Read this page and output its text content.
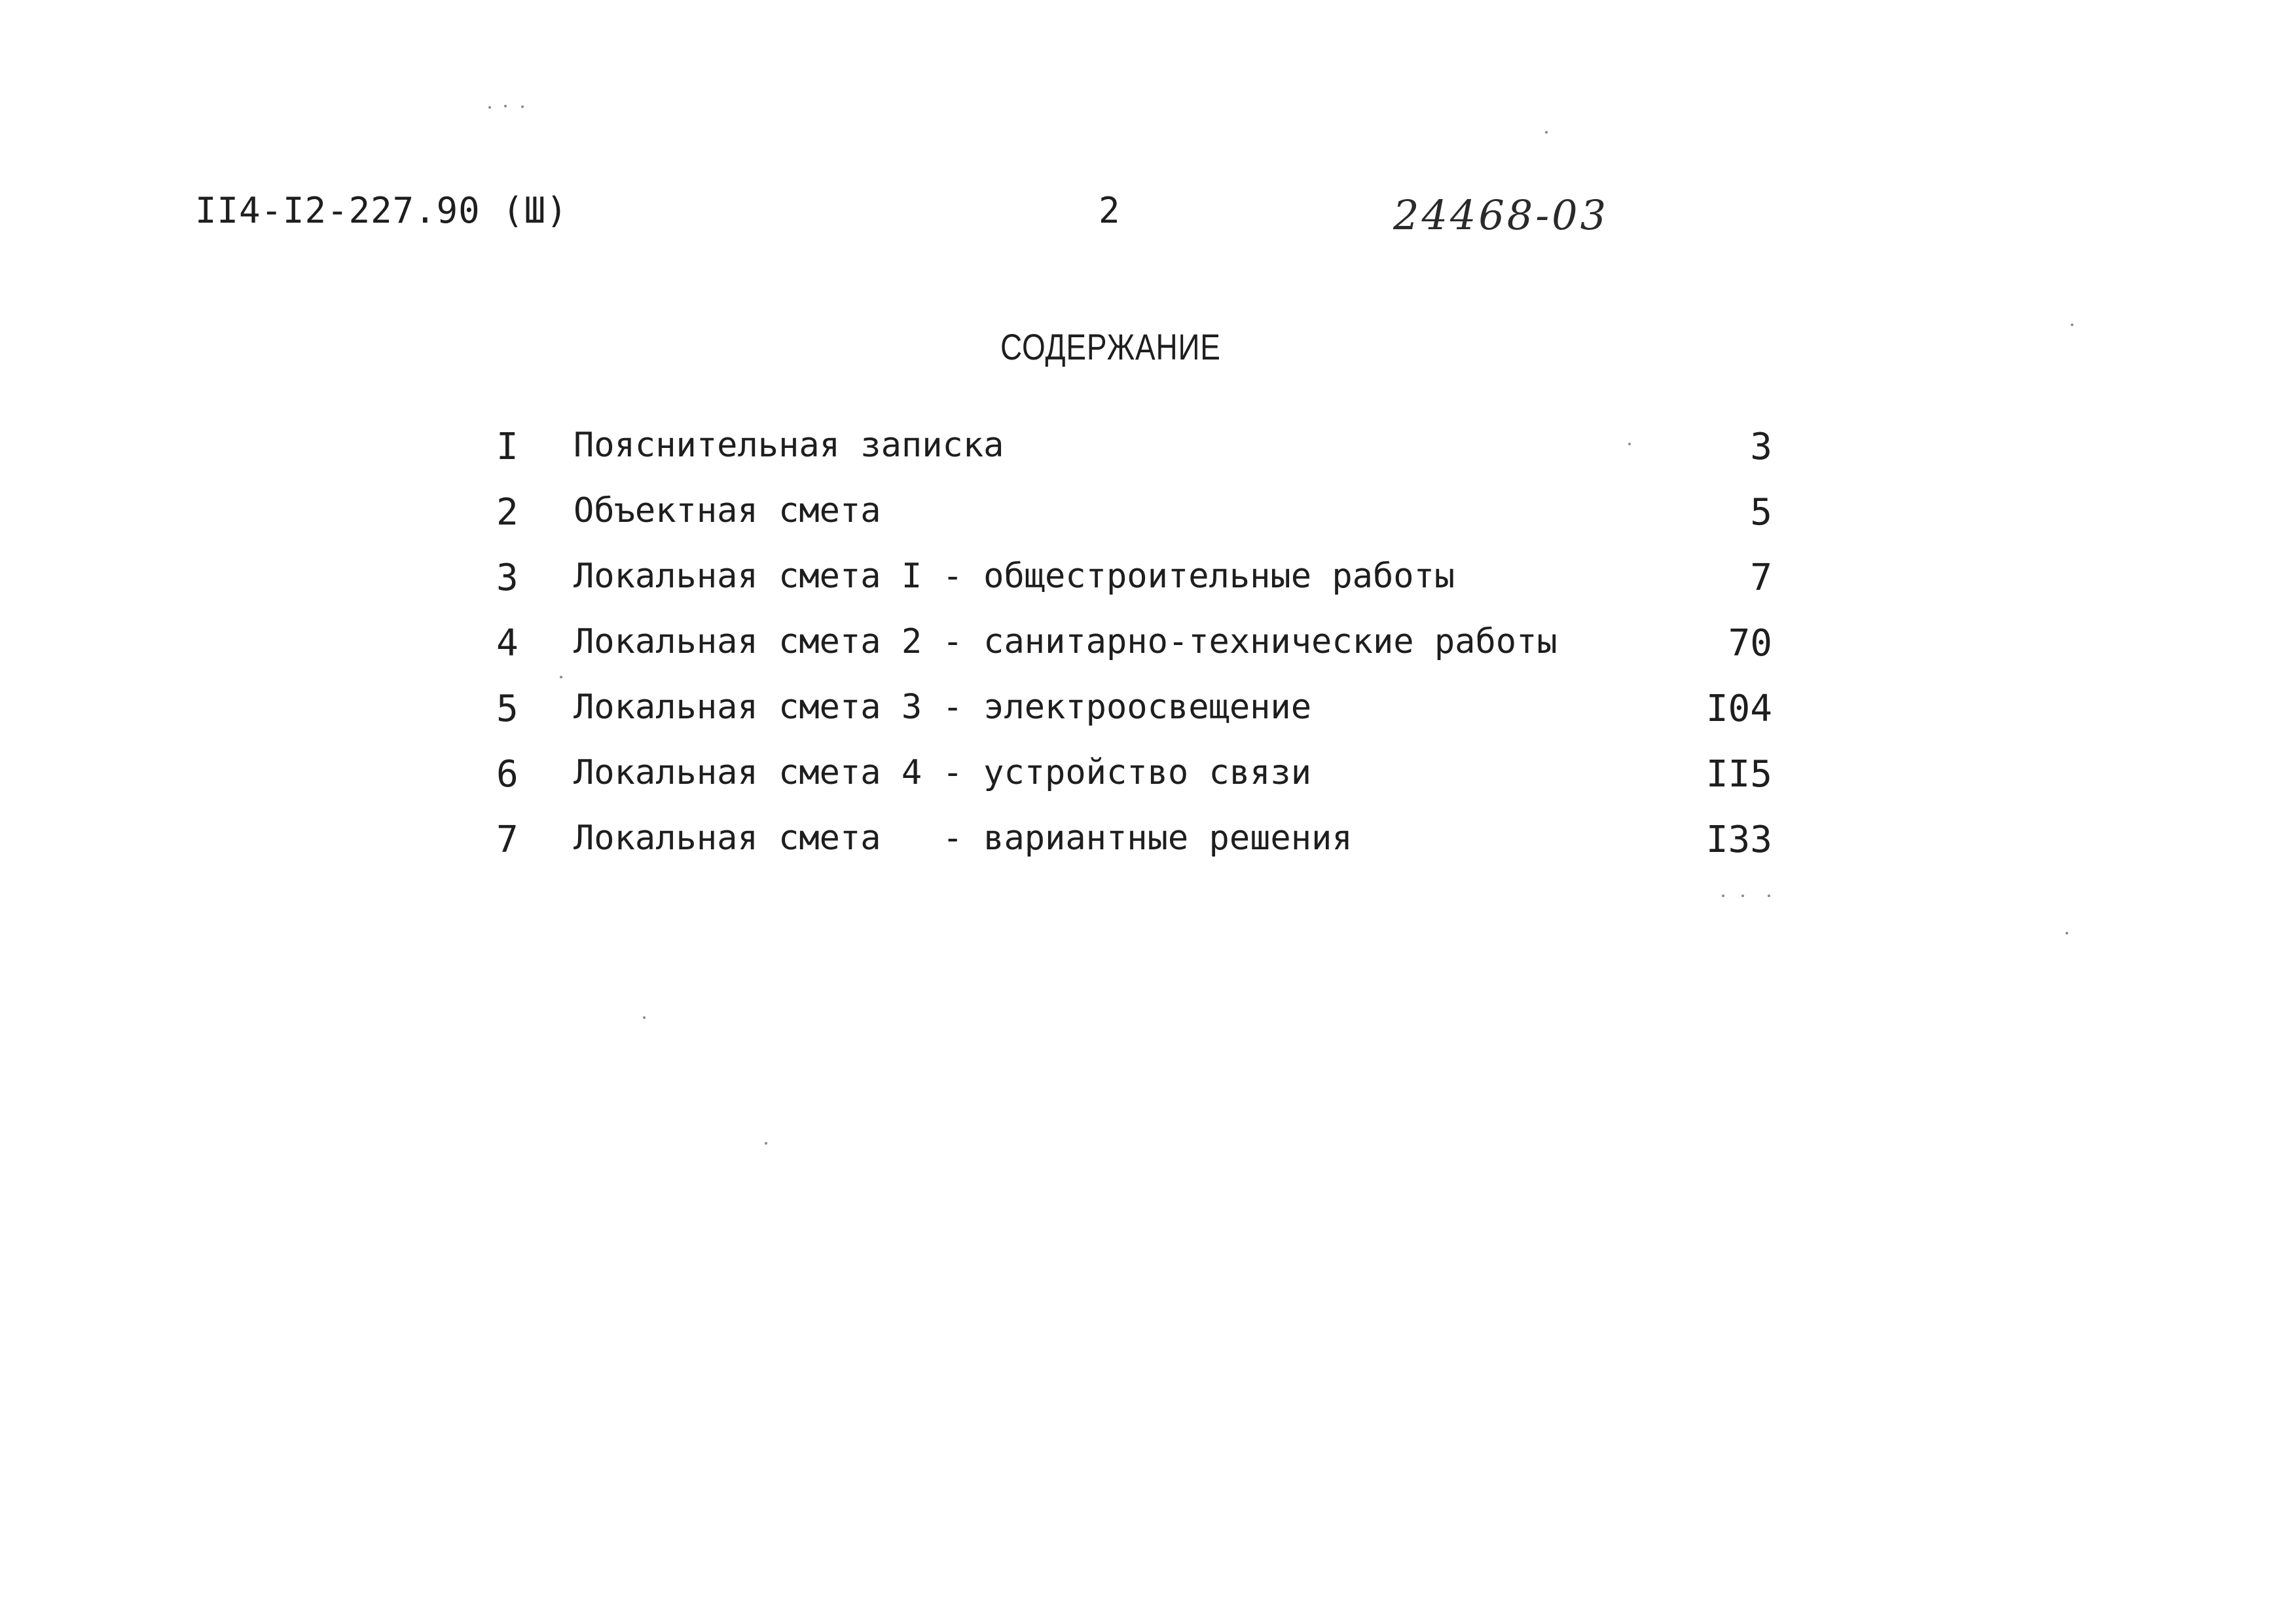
II4-I2-227.90 (Ш)	2	24468-03
СОДЕРЖАНИЕ
I Пояснительная записка	3
2 Объектная смета	5
3 Локальная смета I - общестроительные работы	7
4 Локальная смета 2 - санитарно-технические работы	70
5 Локальная смета 3 - электроосвещение	I04
6 Локальная смета 4 - устройство связи	II5
7 Локальная смета   - вариантные решения	I33
